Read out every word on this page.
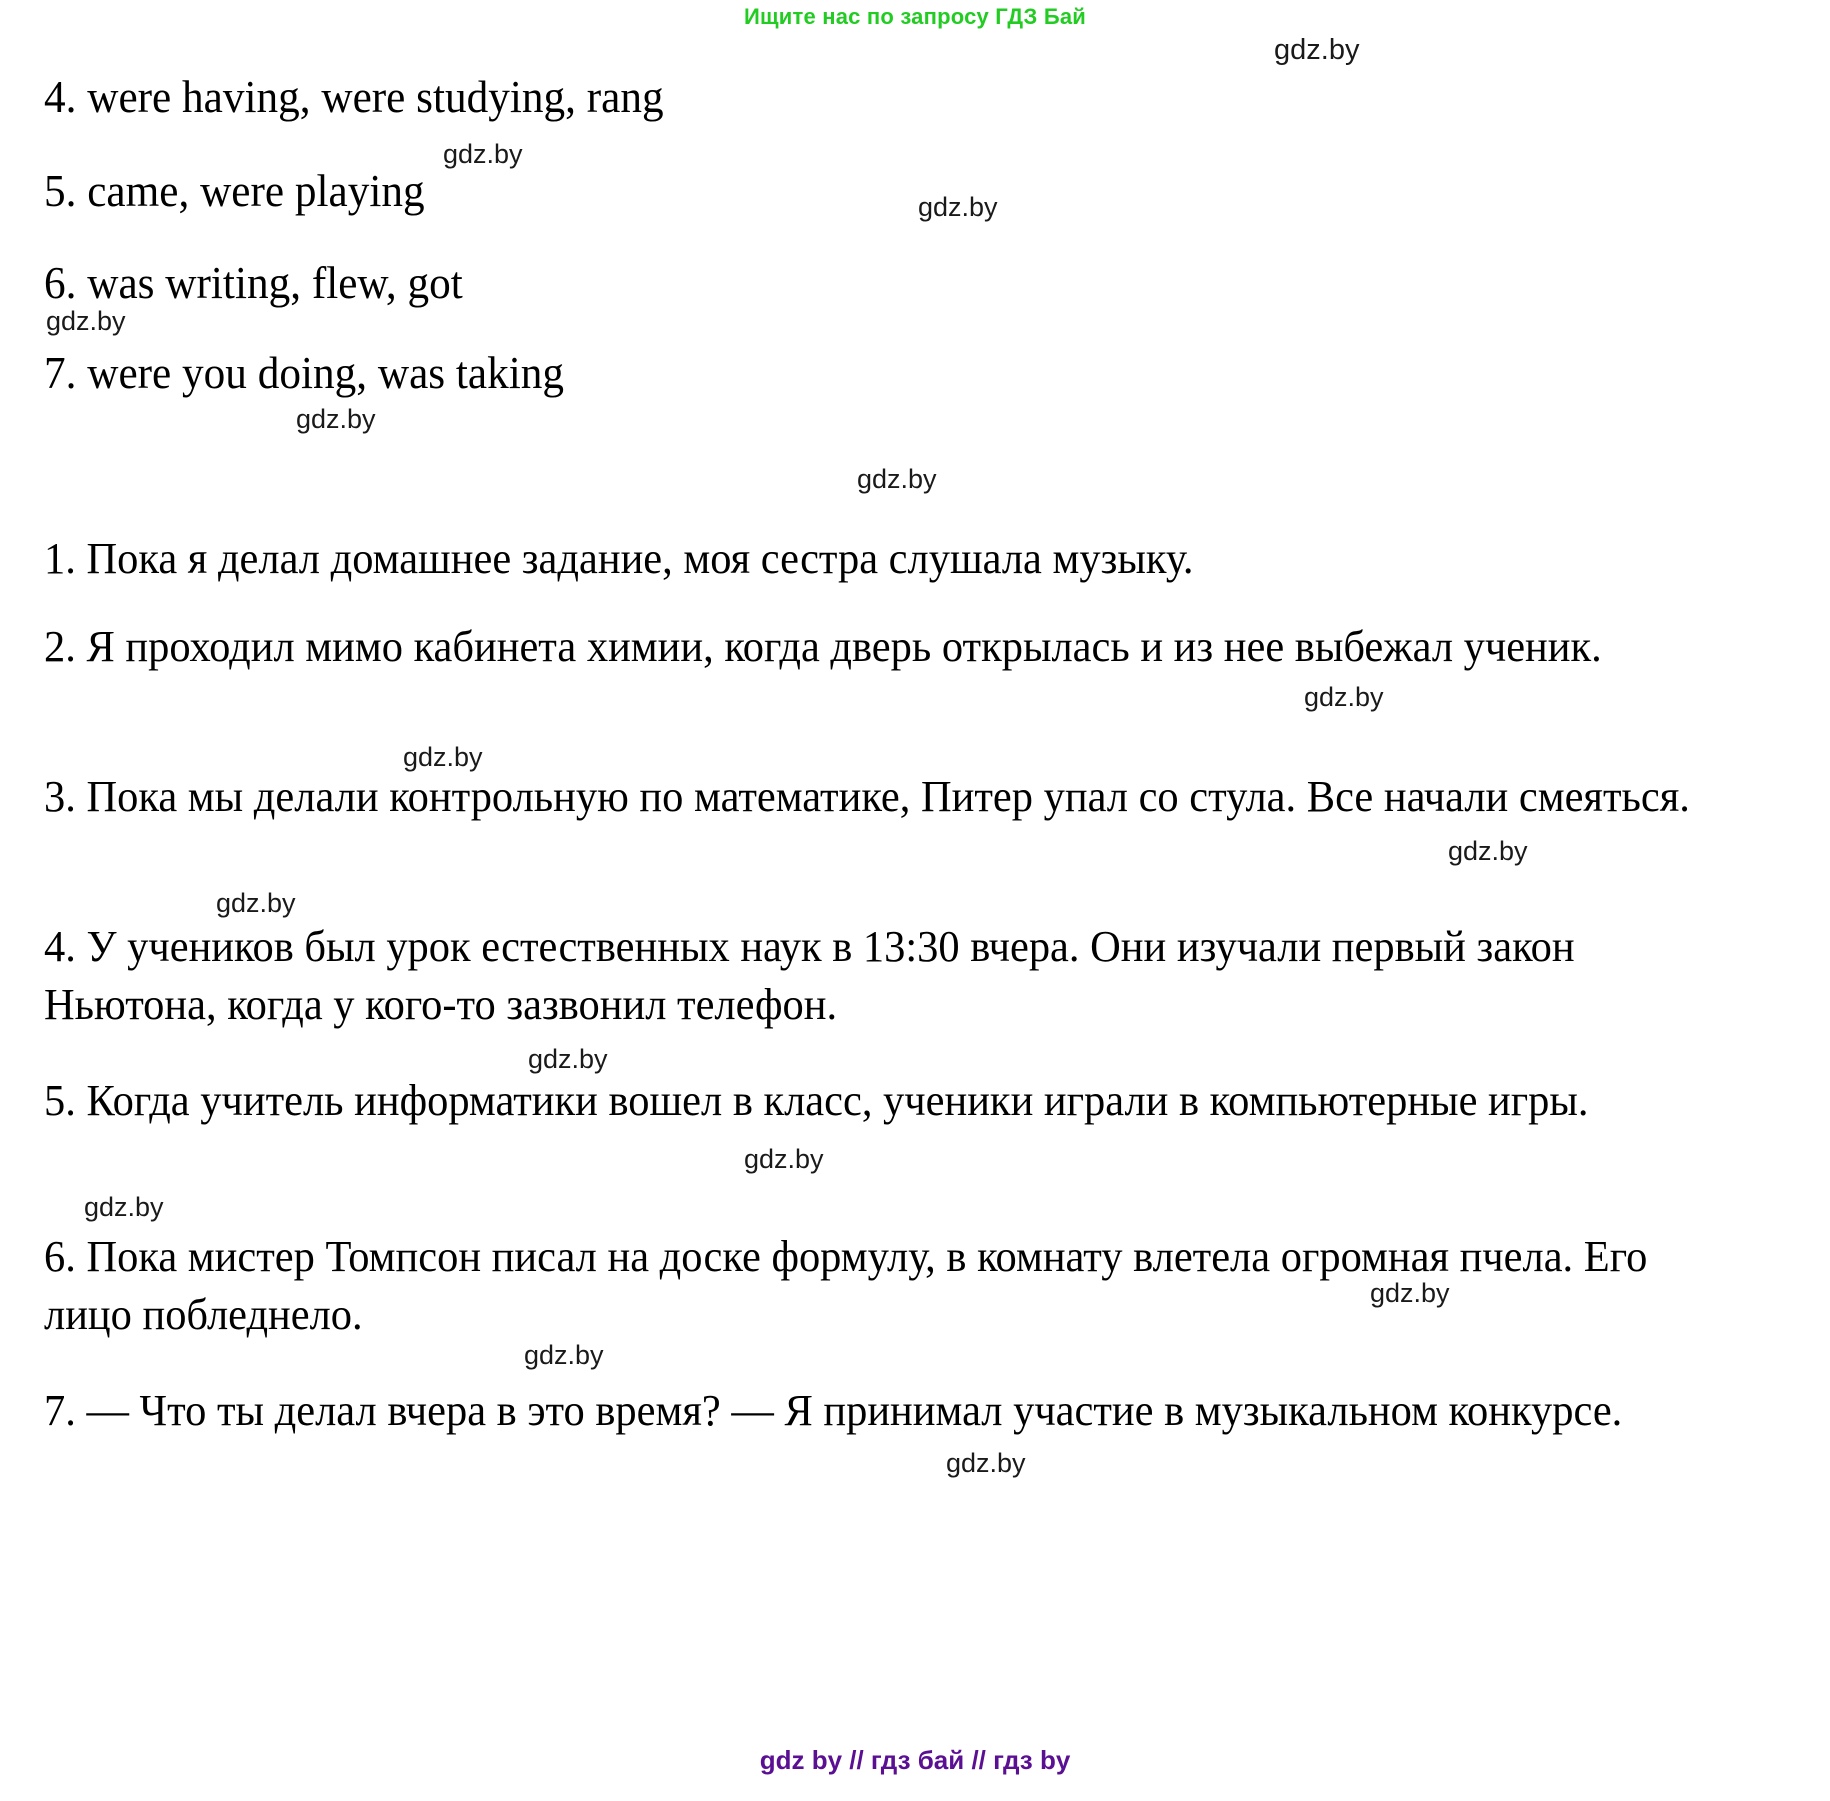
Ищите нас по запросу ГДЗ Бай
4. were having, were studying, rang
5. came, were playing
6. was writing, flew, got
7. were you doing, was taking
1. Пока я делал домашнее задание, моя сестра слушала музыку.
2. Я проходил мимо кабинета химии, когда дверь открылась и из нее выбежал ученик.
3. Пока мы делали контрольную по математике, Питер упал со стула. Все начали смеяться.
4. У учеников был урок естественных наук в 13:30 вчера. Они изучали первый закон Ньютона, когда у кого-то зазвонил телефон.
5. Когда учитель информатики вошел в класс, ученики играли в компьютерные игры.
6. Пока мистер Томпсон писал на доске формулу, в комнату влетела огромная пчела. Его лицо побледнело.
7. — Что ты делал вчера в это время? — Я принимал участие в музыкальном конкурсе.
gdz.by
gdz.by
gdz.by
gdz.by
gdz.by
gdz.by
gdz.by
gdz.by
gdz.by
gdz.by
gdz.by
gdz.by
gdz.by
gdz.by
gdz.by
gdz.by
gdz by // гдз бай // гдз by
